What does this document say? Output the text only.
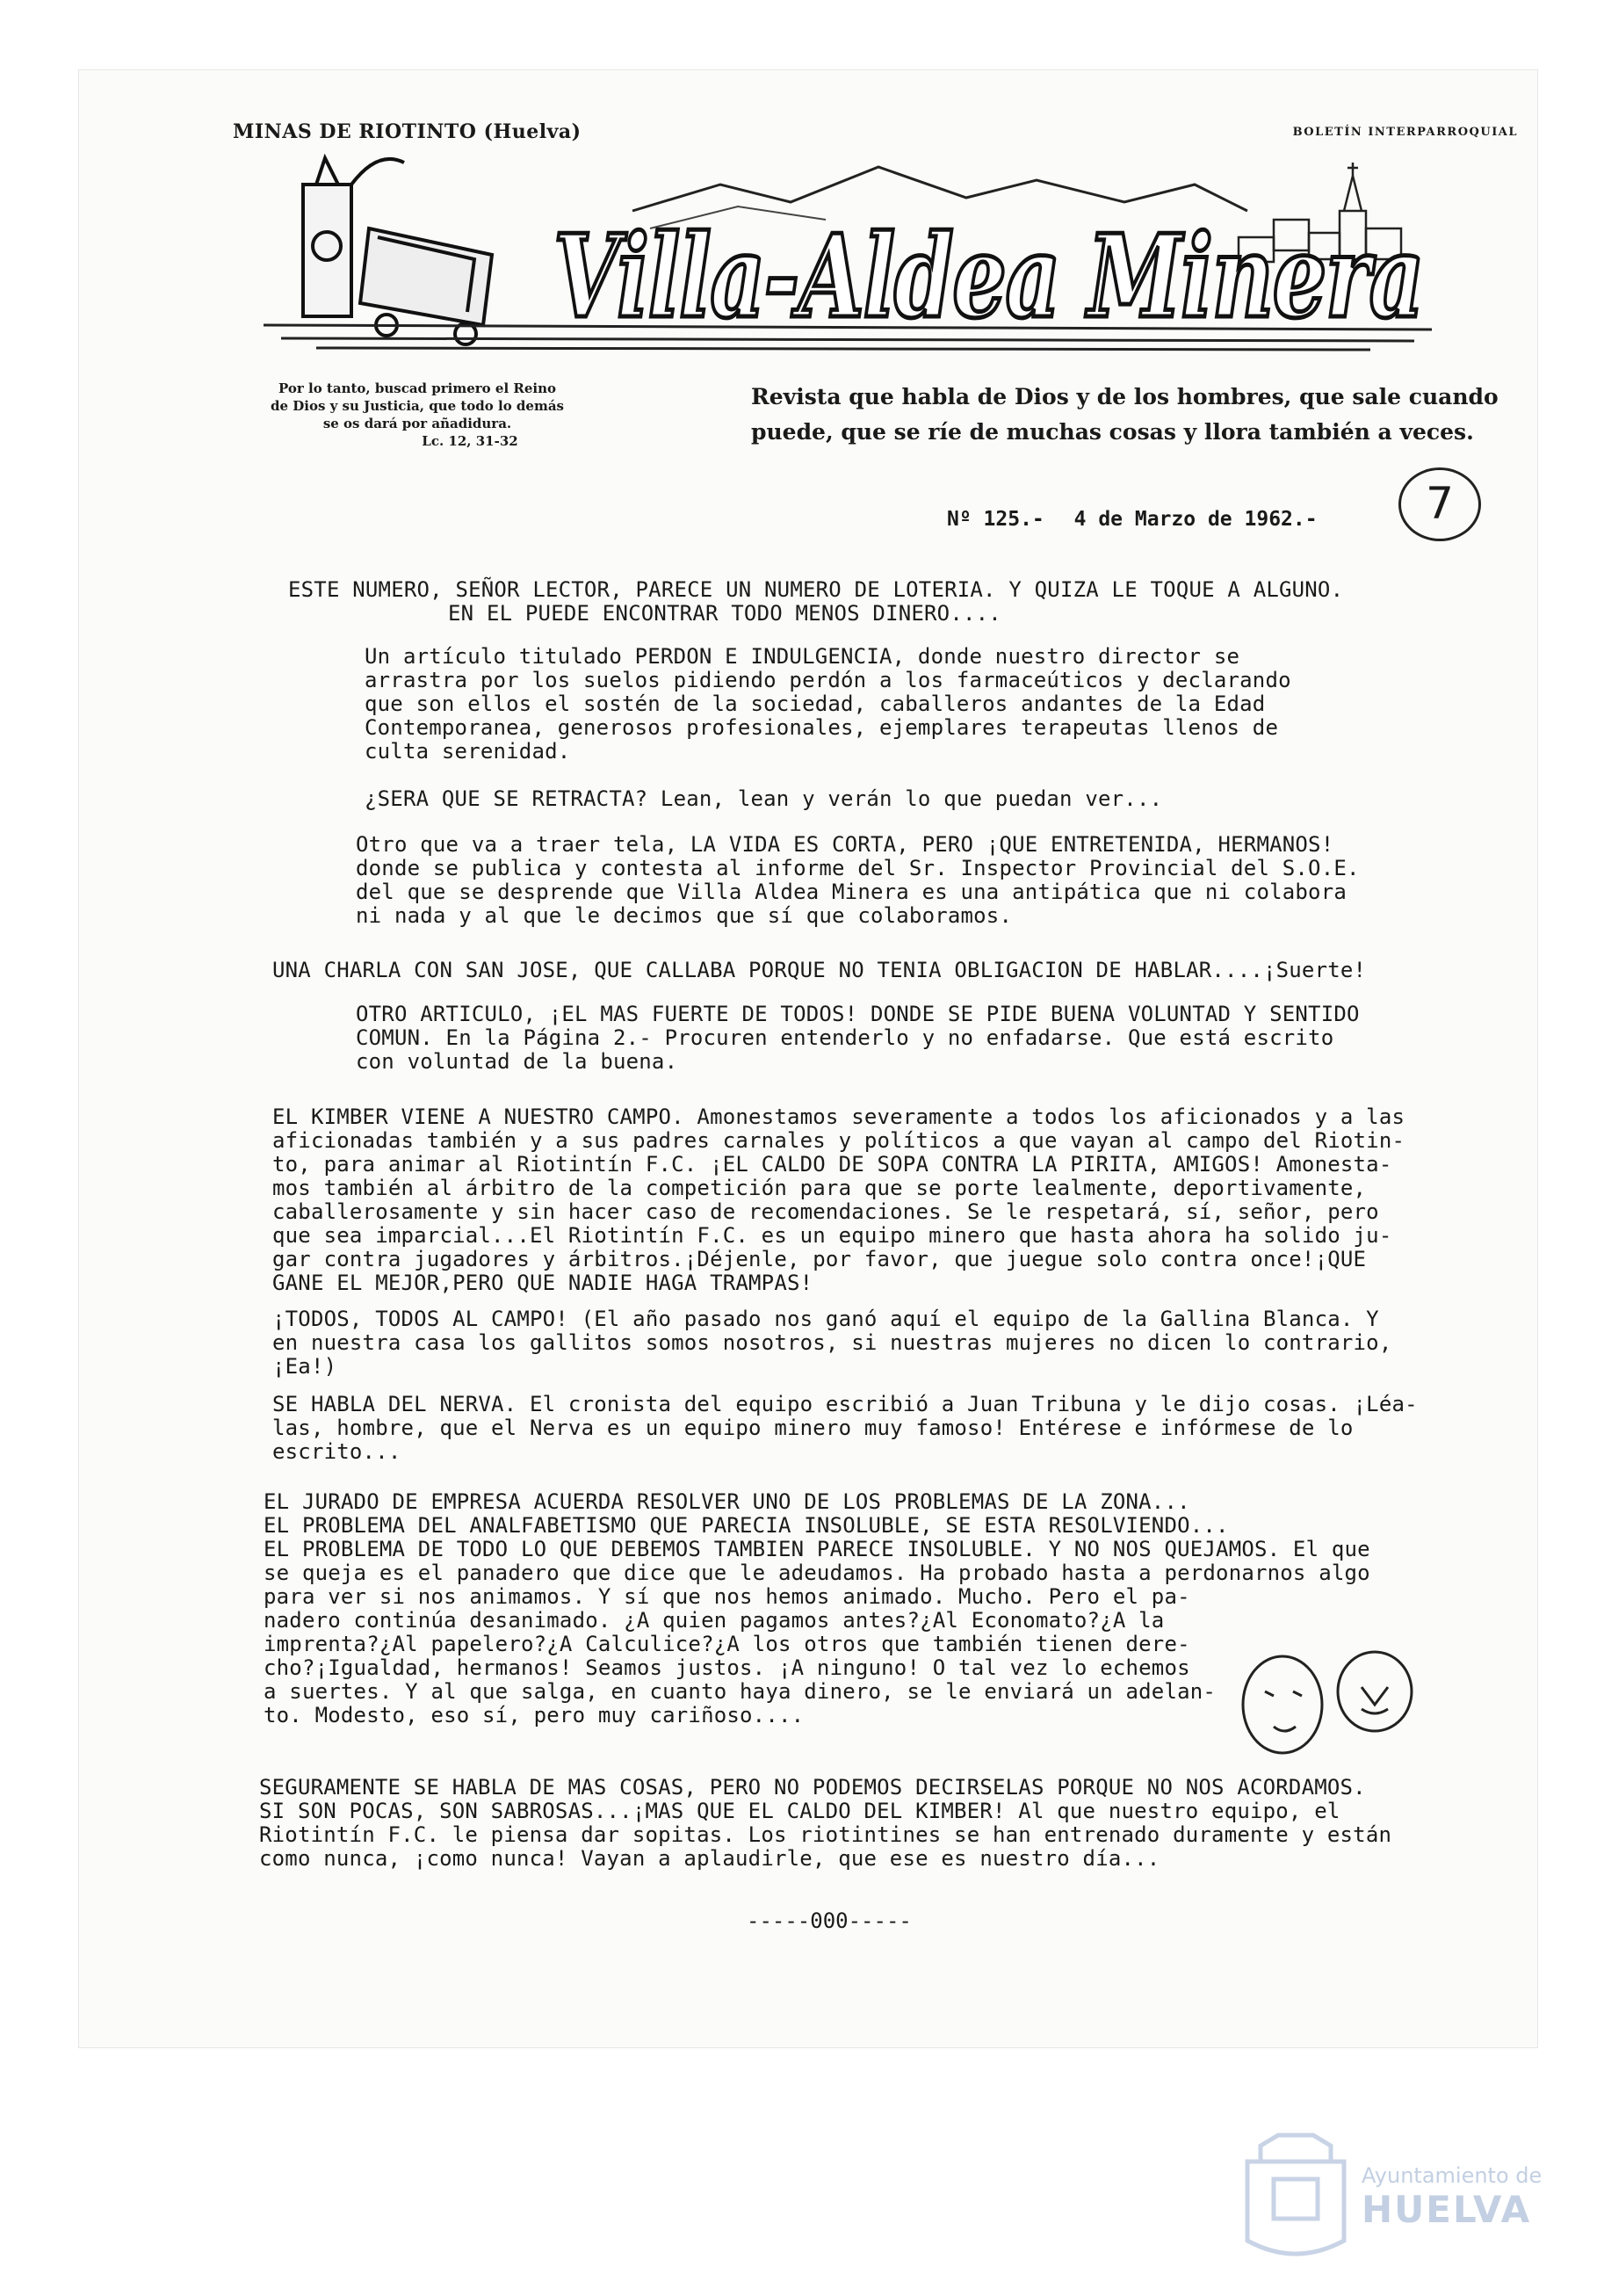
MINAS DE RIOTINTO (Huelva)	BOLETÍN INTERPARROQUIAL
Villa-Aldea Minera
Por lo tanto, buscad primero el Reino
de Dios y su Justicia, que todo lo demás
se os dará por añadidura.
Lc. 12, 31-32
Revista que habla de Dios y de los hombres, que sale cuando
puede, que se ríe de muchas cosas y llora también a veces.
Nº 125.- 4 de Marzo de 1962.-	7
ESTE NUMERO, SEÑOR LECTOR, PARECE UN NUMERO DE LOTERIA. Y QUIZA LE TOQUE A ALGUNO.
EN EL PUEDE ENCONTRAR TODO MENOS DINERO....
Un artículo titulado PERDON E INDULGENCIA, donde nuestro director se
arrastra por los suelos pidiendo perdón a los farmaceúticos y declarando
que son ellos el sostén de la sociedad, caballeros andantes de la Edad
Contemporanea, generosos profesionales, ejemplares terapeutas llenos de
culta serenidad.
¿SERA QUE SE RETRACTA? Lean, lean y verán lo que puedan ver...
Otro que va a traer tela, LA VIDA ES CORTA, PERO ¡QUE ENTRETENIDA, HERMANOS!
donde se publica y contesta al informe del Sr. Inspector Provincial del S.O.E.
del que se desprende que Villa Aldea Minera es una antipática que ni colabora
ni nada y al que le decimos que sí que colaboramos.
UNA CHARLA CON SAN JOSE, QUE CALLABA PORQUE NO TENIA OBLIGACION DE HABLAR....¡Suerte!
OTRO ARTICULO, ¡EL MAS FUERTE DE TODOS! DONDE SE PIDE BUENA VOLUNTAD Y SENTIDO
COMUN. En la Página 2.- Procuren entenderlo y no enfadarse. Que está escrito
con voluntad de la buena.
EL KIMBER VIENE A NUESTRO CAMPO. Amonestamos severamente a todos los aficionados y a las
aficionadas también y a sus padres carnales y políticos a que vayan al campo del Riotin-
to, para animar al Riotintín F.C. ¡EL CALDO DE SOPA CONTRA LA PIRITA, AMIGOS! Amonesta-
mos también al árbitro de la competición para que se porte lealmente, deportivamente,
caballerosamente y sin hacer caso de recomendaciones. Se le respetará, sí, señor, pero
que sea imparcial...El Riotintín F.C. es un equipo minero que hasta ahora ha solido ju-
gar contra jugadores y árbitros.¡Déjenle, por favor, que juegue solo contra once!¡QUE
GANE EL MEJOR,PERO QUE NADIE HAGA TRAMPAS!
¡TODOS, TODOS AL CAMPO! (El año pasado nos ganó aquí el equipo de la Gallina Blanca. Y
en nuestra casa los gallitos somos nosotros, si nuestras mujeres no dicen lo contrario,
¡Ea!)
SE HABLA DEL NERVA. El cronista del equipo escribió a Juan Tribuna y le dijo cosas. ¡Léa-
las, hombre, que el Nerva es un equipo minero muy famoso! Entérese e infórmese de lo
escrito...
EL JURADO DE EMPRESA ACUERDA RESOLVER UNO DE LOS PROBLEMAS DE LA ZONA...
EL PROBLEMA DEL ANALFABETISMO QUE PARECIA INSOLUBLE, SE ESTA RESOLVIENDO...
EL PROBLEMA DE TODO LO QUE DEBEMOS TAMBIEN PARECE INSOLUBLE. Y NO NOS QUEJAMOS. El que
se queja es el panadero que dice que le adeudamos. Ha probado hasta a perdonarnos algo
para ver si nos animamos. Y sí que nos hemos animado. Mucho. Pero el pa-
nadero continúa desanimado. ¿A quien pagamos antes?¿Al Economato?¿A la
imprenta?¿Al papelero?¿A Calculice?¿A los otros que también tienen dere-
cho?¡Igualdad, hermanos! Seamos justos. ¡A ninguno! O tal vez lo echemos
a suertes. Y al que salga, en cuanto haya dinero, se le enviará un adelan-
to. Modesto, eso sí, pero muy cariñoso....
SEGURAMENTE SE HABLA DE MAS COSAS, PERO NO PODEMOS DECIRSELAS PORQUE NO NOS ACORDAMOS.
SI SON POCAS, SON SABROSAS...¡MAS QUE EL CALDO DEL KIMBER! Al que nuestro equipo, el
Riotintín F.C. le piensa dar sopitas. Los riotintines se han entrenado duramente y están
como nunca, ¡como nunca! Vayan a aplaudirle, que ese es nuestro día...
-----000-----
Ayuntamiento de
HUELVA
